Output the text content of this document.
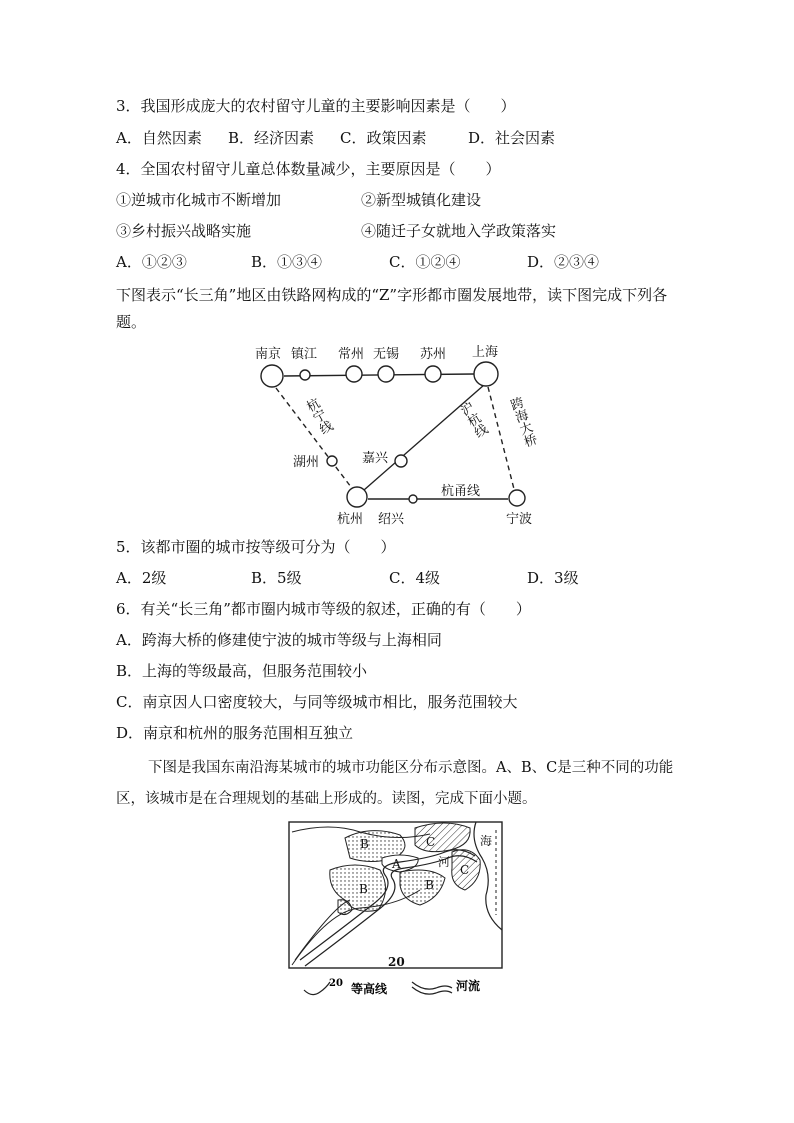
3．我国形成庞大的农村留守儿童的主要影响因素是（　　）
A．自然因素 B．经济因素 C．政策因素	D．社会因素
4．全国农村留守儿童总体数量减少，主要原因是（　　）
①逆城市化城市不断增加	②新型城镇化建设
③乡村振兴战略实施	④随迁子女就地入学政策落实
A．①②③	B．①③④	C．①②④	D．②③④
下图表示“长三角”地区由铁路网构成的“Z”字形都市圈发展地带，读下图完成下列各题。
南京 镇江 常州 无锡 苏州 上海
湖州	嘉兴
杭州 绍兴	宁波
杭甬线
杭宁线	沪杭线 跨海大桥
5．该都市圈的城市按等级可分为（　　）
A．2级	B．5级	C．4级	D．3级
6．有关“长三角”都市圈内城市等级的叙述，正确的有（　　）
A．跨海大桥的修建使宁波的城市等级与上海相同
B．上海的等级最高，但服务范围较小
C．南京因人口密度较大，与同等级城市相比，服务范围较大
D．南京和杭州的服务范围相互独立
下图是我国东南沿海某城市的城市功能区分布示意图。A、B、C是三种不同的功能区，该城市是在合理规划的基础上形成的。读图，完成下面小题。
B	C
A
B	B
C
海
河
20
20 等高线	河流
